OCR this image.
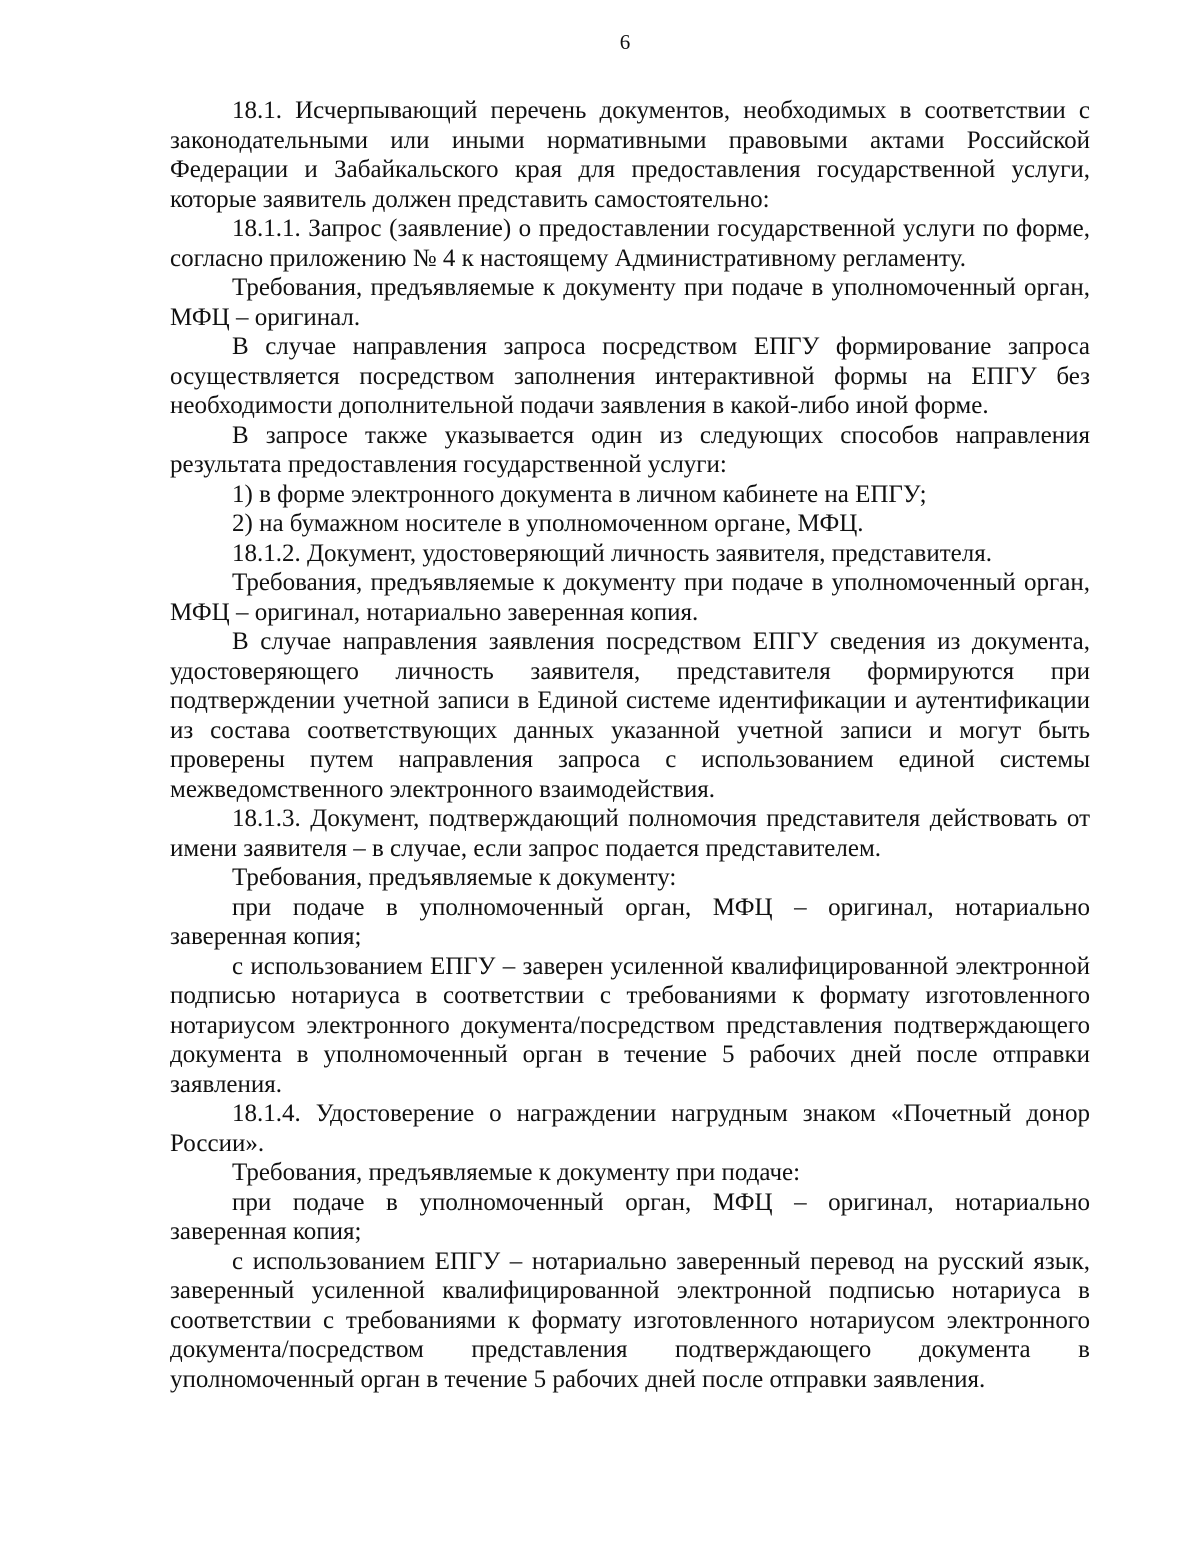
6

18.1. Исчерпывающий перечень документов, необходимых в соответствии с законодательными или иными нормативными правовыми актами Российской Федерации и Забайкальского края для предоставления государственной услуги, которые заявитель должен представить самостоятельно:

18.1.1. Запрос (заявление) о предоставлении государственной услуги по форме, согласно приложению № 4 к настоящему Административному регламенту.

Требования, предъявляемые к документу при подаче в уполномоченный орган, МФЦ – оригинал.

В случае направления запроса посредством ЕПГУ формирование запроса осуществляется посредством заполнения интерактивной формы на ЕПГУ без необходимости дополнительной подачи заявления в какой-либо иной форме.

В запросе также указывается один из следующих способов направления результата предоставления государственной услуги:

1) в форме электронного документа в личном кабинете на ЕПГУ;

2) на бумажном носителе в уполномоченном органе, МФЦ.

18.1.2. Документ, удостоверяющий личность заявителя, представителя.

Требования, предъявляемые к документу при подаче в уполномоченный орган, МФЦ – оригинал, нотариально заверенная копия.

В случае направления заявления посредством ЕПГУ сведения из документа, удостоверяющего личность заявителя, представителя формируются при подтверждении учетной записи в Единой системе идентификации и аутентификации из состава соответствующих данных указанной учетной записи и могут быть проверены путем направления запроса с использованием единой системы межведомственного электронного взаимодействия.

18.1.3. Документ, подтверждающий полномочия представителя действовать от имени заявителя – в случае, если запрос подается представителем.

Требования, предъявляемые к документу:

при подаче в уполномоченный орган, МФЦ – оригинал, нотариально заверенная копия;

с использованием ЕПГУ – заверен усиленной квалифицированной электронной подписью нотариуса в соответствии с требованиями к формату изготовленного нотариусом электронного документа/посредством представления подтверждающего документа в уполномоченный орган в течение 5 рабочих дней после отправки заявления.

18.1.4. Удостоверение о награждении нагрудным знаком «Почетный донор России».

Требования, предъявляемые к документу при подаче:

при подаче в уполномоченный орган, МФЦ – оригинал, нотариально заверенная копия;

с использованием ЕПГУ – нотариально заверенный перевод на русский язык, заверенный усиленной квалифицированной электронной подписью нотариуса в соответствии с требованиями к формату изготовленного нотариусом электронного документа/посредством представления подтверждающего документа в уполномоченный орган в течение 5 рабочих дней после отправки заявления.
